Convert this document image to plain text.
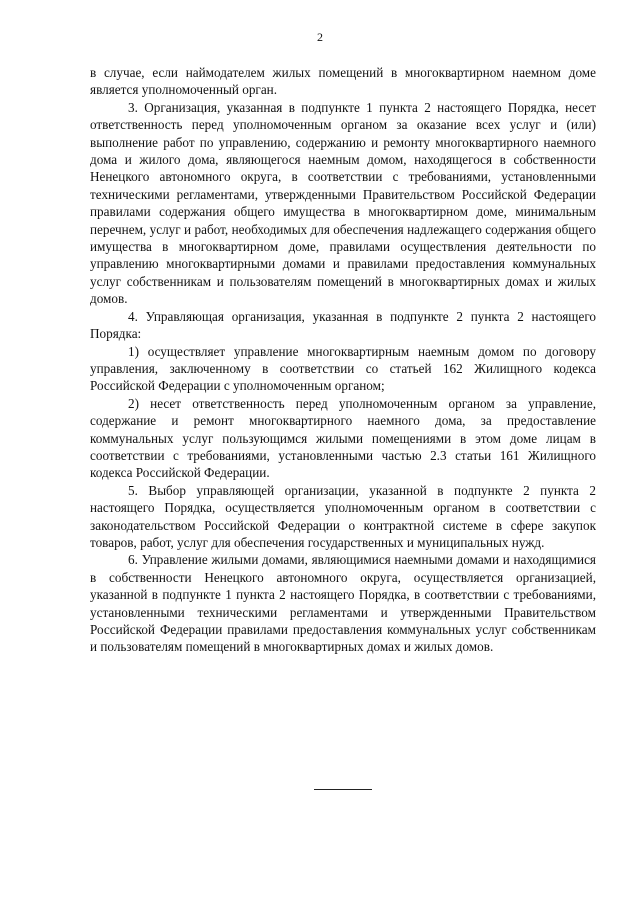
2

в случае, если наймодателем жилых помещений в многоквартирном наемном доме является уполномоченный орган.

3. Организация, указанная в подпункте 1 пункта 2 настоящего Порядка, несет ответственность перед уполномоченным органом за оказание всех услуг и (или) выполнение работ по управлению, содержанию и ремонту многоквартирного наемного дома и жилого дома, являющегося наемным домом, находящегося в собственности Ненецкого автономного округа, в соответствии с требованиями, установленными техническими регламентами, утвержденными Правительством Российской Федерации правилами содержания общего имущества в многоквартирном доме, минимальным перечнем, услуг и работ, необходимых для обеспечения надлежащего содержания общего имущества в многоквартирном доме, правилами осуществления деятельности по управлению многоквартирными домами и правилами предоставления коммунальных услуг собственникам и пользователям помещений в многоквартирных домах и жилых домов.

4. Управляющая организация, указанная в подпункте 2 пункта 2 настоящего Порядка:

1) осуществляет управление многоквартирным наемным домом по договору управления, заключенному в соответствии со статьей 162 Жилищного кодекса Российской Федерации с уполномоченным органом;

2) несет ответственность перед уполномоченным органом за управление, содержание и ремонт многоквартирного наемного дома, за предоставление коммунальных услуг пользующимся жилыми помещениями в этом доме лицам в соответствии с требованиями, установленными частью 2.3 статьи 161 Жилищного кодекса Российской Федерации.

5. Выбор управляющей организации, указанной в подпункте 2 пункта 2 настоящего Порядка, осуществляется уполномоченным органом в соответствии с законодательством Российской Федерации о контрактной системе в сфере закупок товаров, работ, услуг для обеспечения государственных и муниципальных нужд.

6. Управление жилыми домами, являющимися наемными домами и находящимися в собственности Ненецкого автономного округа, осуществляется организацией, указанной в подпункте 1 пункта 2 настоящего Порядка, в соответствии с требованиями, установленными техническими регламентами и утвержденными Правительством Российской Федерации правилами предоставления коммунальных услуг собственникам и пользователям помещений в многоквартирных домах и жилых домов.
